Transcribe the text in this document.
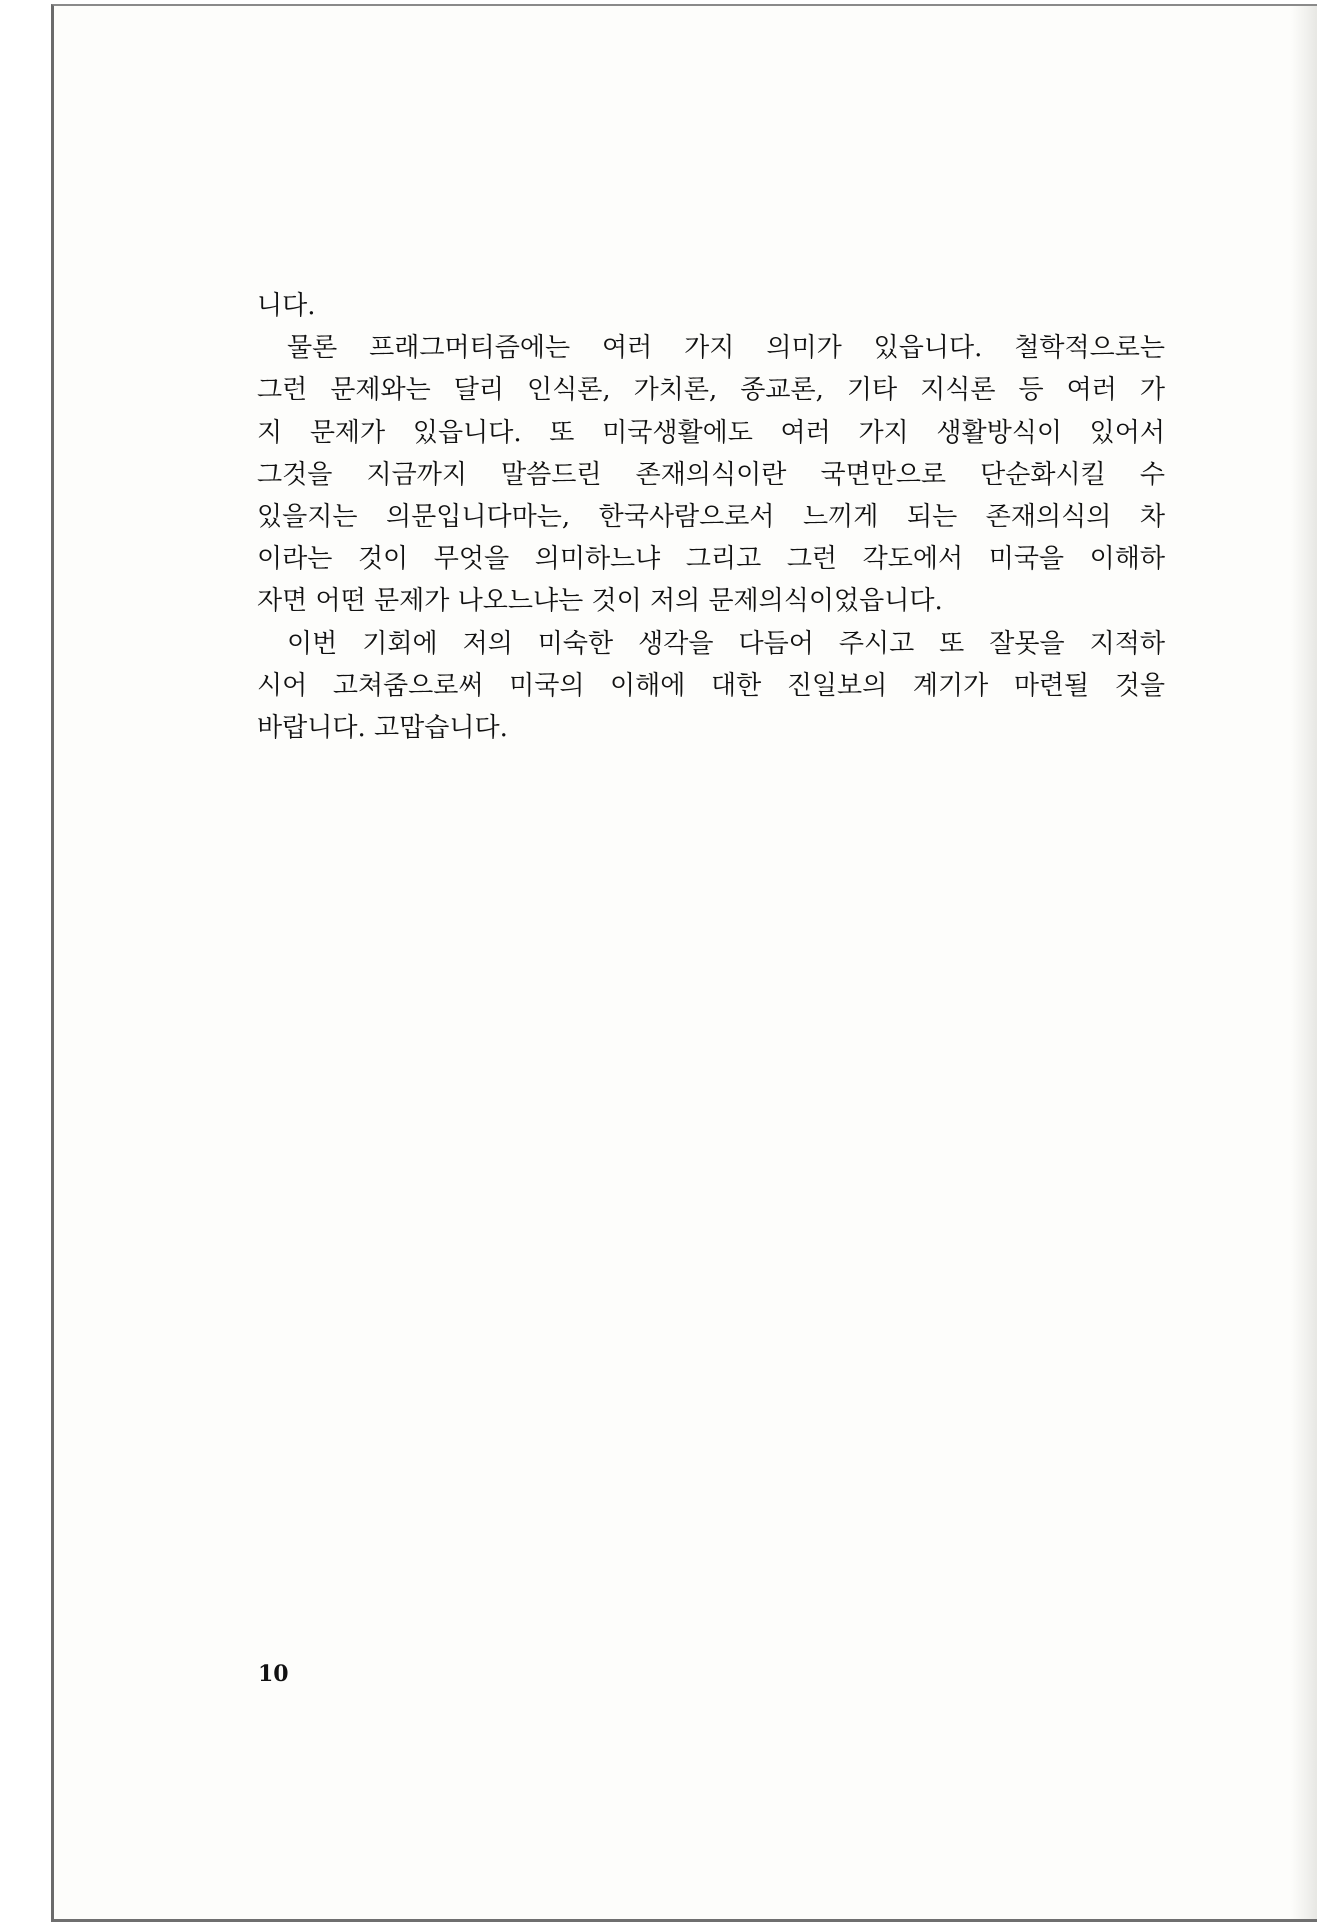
니다.
물론 프래그머티즘에는 여러 가지 의미가 있읍니다. 철학적으로는
그런 문제와는 달리 인식론, 가치론, 종교론, 기타 지식론 등 여러 가
지 문제가 있읍니다. 또 미국생활에도 여러 가지 생활방식이 있어서
그것을 지금까지 말씀드린 존재의식이란 국면만으로 단순화시킬 수
있을지는 의문입니다마는, 한국사람으로서 느끼게 되는 존재의식의 차
이라는 것이 무엇을 의미하느냐 그리고 그런 각도에서 미국을 이해하
자면 어떤 문제가 나오느냐는 것이 저의 문제의식이었읍니다.
이번 기회에 저의 미숙한 생각을 다듬어 주시고 또 잘못을 지적하
시어 고쳐줌으로써 미국의 이해에 대한 진일보의 계기가 마련될 것을
바랍니다. 고맙습니다.
10
